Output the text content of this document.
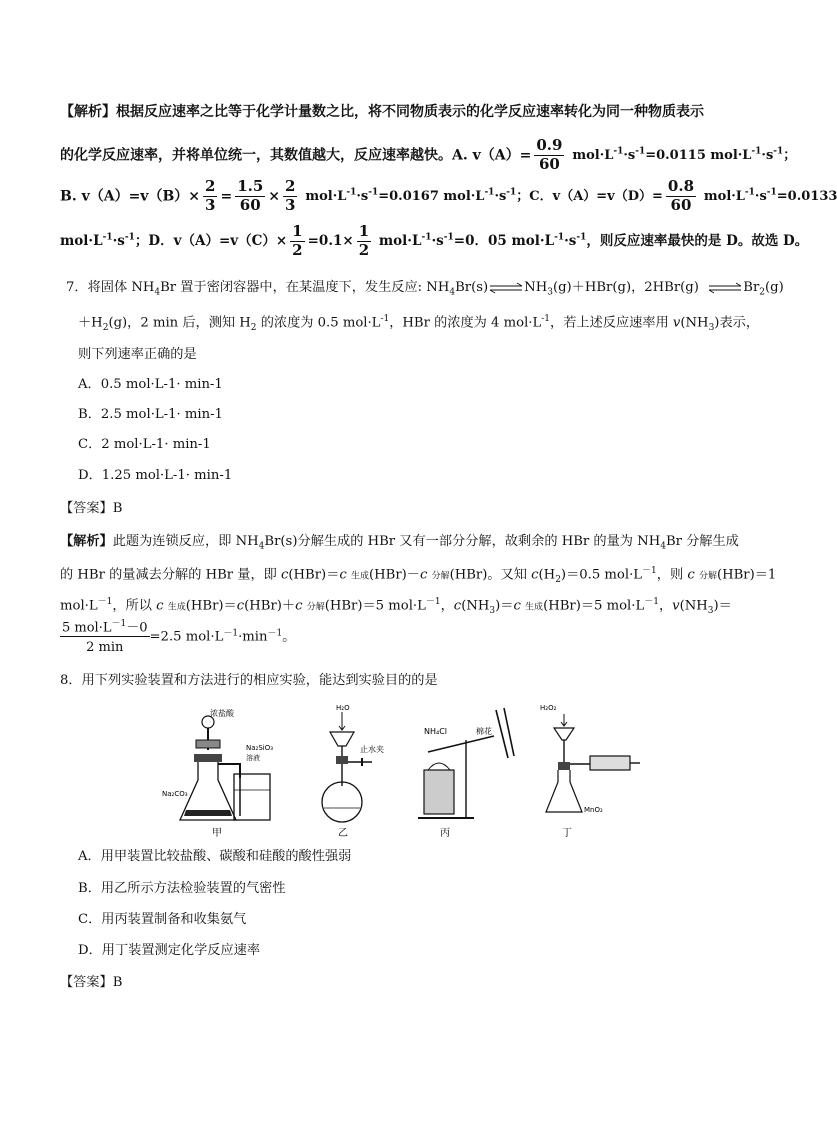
【解析】根据反应速率之比等于化学计量数之比，将不同物质表示的化学反应速率转化为同一种物质表示
的化学反应速率，并将单位统一，其数值越大，反应速率越快。A. $v(A)= \frac{0.9}{60} mol\cdot L^{-1}\cdot s^{-1}=0.0115$ $mol\cdot L^{-1}\cdot s^{-1}$；
B. $v(A)=v(B)\times \frac{2}{3} = \frac{1.5}{60} \times \frac{2}{3} mol\cdot L^{-1}\cdot s^{-1}=0.0167$ $mol\cdot L^{-1}\cdot s^{-1}$；C．$v(A)=v(D)= \frac{0.8}{60} mol\cdot L^{-1}\cdot s^{-1}=0.0133$
$mol\cdot L^{-1}\cdot s^{-1}$；D．$v(A)=v(C)\times \frac{1}{2} =0.1\times \frac{1}{2} mol\cdot L^{-1}\cdot s^{-1}=0$．05 $mol\cdot L^{-1}\cdot s^{-1}$，则反应速率最快的是 D。故选 D。
7．将固体 $NH_4Br$ 置于密闭容器中，在某温度下，发生反应: $NH_4Br(s)\rightleftharpoons NH_3(g)+HBr(g)$，2HBr(g) $\rightleftharpoons Br_2(g)$
$+H_2(g)$，2 min 后，测知 $H_2$ 的浓度为 0.5 $mol\cdot L^{-1}$，HBr 的浓度为 4 $mol\cdot L^{-1}$，若上述反应速率用 $v(NH_3)$表示，
则下列速率正确的是
A．0.5 mol·L-1· min-1
B．2.5 mol·L-1· min-1
C．2 mol·L-1· min-1
D．1.25 mol·L-1· min-1
【答案】B
【解析】此题为连锁反应，即 $NH_4Br(s)$分解生成的 HBr 又有一部分分解，故剩余的 HBr 的量为 $NH_4Br$ 分解生成
的 HBr 的量减去分解的 HBr 量，即 c(HBr)＝c 生成(HBr)－c 分解(HBr)。又知 $c(H_2)=0.5$ $mol\cdot L^{-1}$，则 c 分解(HBr)＝1
$mol\cdot L^{-1}$，所以 c 生成(HBr)＝c(HBr)＋c 分解(HBr)＝5 $mol\cdot L^{-1}$，$c(NH_3)=c$ 生成(HBr)＝5 $mol\cdot L^{-1}$，$v(NH_3)=$
5 $mol\cdot L^{-1}-0$
2 min
=2.5 $mol\cdot L^{-1}\cdot\min^{-1}$。
8．用下列实验装置和方法进行的相应实验，能达到实验目的的是
浓盐酸
Na₂SiO₃
溶液
Na₂CO₃
甲
H₂O
止水夹
乙
NH₄Cl	棉花
丙
H₂O₂
MnO₂
丁
A．用甲装置比较盐酸、碳酸和硅酸的酸性强弱
B．用乙所示方法检验装置的气密性
C．用丙装置制备和收集氨气
D．用丁装置测定化学反应速率
【答案】B
